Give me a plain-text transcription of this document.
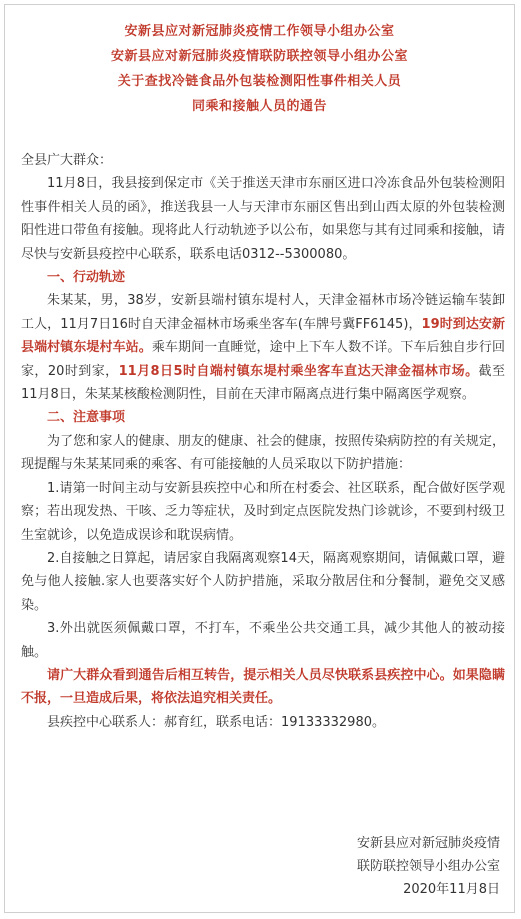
安新县应对新冠肺炎疫情工作领导小组办公室
安新县应对新冠肺炎疫情联防联控领导小组办公室
关于查找冷链食品外包装检测阳性事件相关人员
同乘和接触人员的通告

全县广大群众：

11月8日，我县接到保定市《关于推送天津市东丽区进口冷冻食品外包装检测阳性事件相关人员的函》，推送我县一人与天津市东丽区售出到山西太原的外包装检测阳性进口带鱼有接触。现将此人行动轨迹予以公布，如果您与其有过同乘和接触，请尽快与安新县疫控中心联系，联系电话0312--5300080。

一、行动轨迹

朱某某，男，38岁，安新县端村镇东堤村人，天津金福林市场冷链运输车装卸工人，11月7日16时自天津金福林市场乘坐客车(车牌号冀FF6145)，19时到达安新县端村镇东堤村车站。乘车期间一直睡觉，途中上下车人数不详。下车后独自步行回家，20时到家，11月8日5时自端村镇东堤村乘坐客车直达天津金福林市场。截至11月8日，朱某某核酸检测阴性，目前在天津市隔离点进行集中隔离医学观察。

二、注意事项

为了您和家人的健康、朋友的健康、社会的健康，按照传染病防控的有关规定，现提醒与朱某某同乘的乘客、有可能接触的人员采取以下防护措施：

1.请第一时间主动与安新县疾控中心和所在村委会、社区联系，配合做好医学观察；若出现发热、干咳、乏力等症状，及时到定点医院发热门诊就诊，不要到村级卫生室就诊，以免造成误诊和耽误病情。

2.自接触之日算起，请居家自我隔离观察14天，隔离观察期间，请佩戴口罩，避免与他人接触.家人也要落实好个人防护措施，采取分散居住和分餐制，避免交叉感染。

3.外出就医须佩戴口罩，不打车，不乘坐公共交通工具，减少其他人的被动接触。

请广大群众看到通告后相互转告，提示相关人员尽快联系县疾控中心。如果隐瞒不报，一旦造成后果，将依法追究相关责任。

县疾控中心联系人：郝育红，联系电话：19133332980。

安新县应对新冠肺炎疫情
联防联控领导小组办公室
2020年11月8日
